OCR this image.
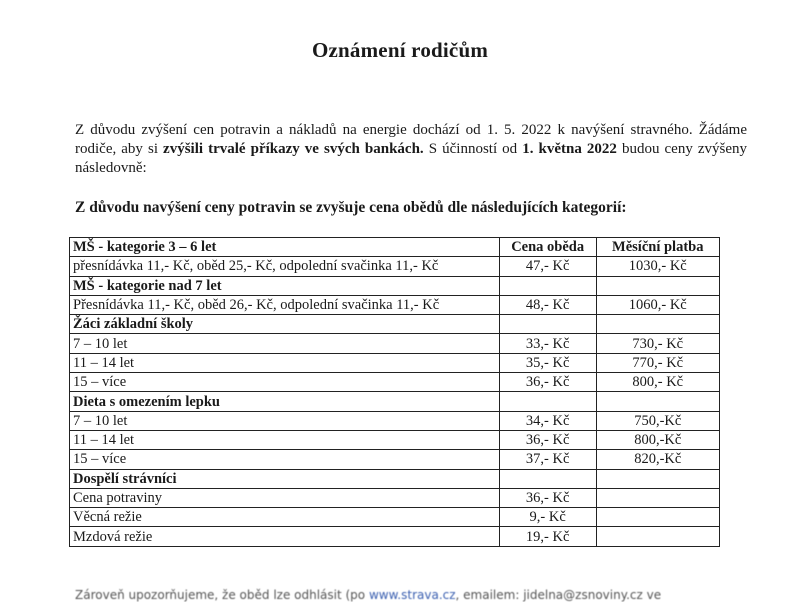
Oznámení rodičům
Z důvodu zvýšení cen potravin a nákladů na energie dochází od 1. 5. 2022 k navýšení stravného. Žádáme rodiče, aby si zvýšili trvalé příkazy ve svých bankách. S účinností od 1. května 2022 budou ceny zvýšeny následovně:
Z důvodu navýšení ceny potravin se zvyšuje cena obědů dle následujících kategorií:
MŠ - kategorie 3 – 6 let	Cena oběda	Měsíční platba
přesnídávka 11,- Kč, oběd 25,- Kč, odpolední svačinka 11,- Kč	47,- Kč	1030,- Kč
MŠ - kategorie nad 7 let		
Přesnídávka 11,- Kč, oběd 26,- Kč, odpolední svačinka 11,- Kč	48,- Kč	1060,- Kč
Žáci základní školy		
7 – 10 let	33,- Kč	730,- Kč
11 – 14 let	35,- Kč	770,- Kč
15 – více	36,- Kč	800,- Kč
Dieta s omezením lepku		
7 – 10 let	34,- Kč	750,-Kč
11 – 14 let	36,- Kč	800,-Kč
15 – více	37,- Kč	820,-Kč
Dospělí strávníci		
Cena potraviny	36,- Kč	
Věcná režie	9,- Kč	
Mzdová režie	19,- Kč	
Zároveň upozorňujeme, že oběd lze odhlásit (po www.strava.cz, emailem: jidelna@zsnoviny.cz ve
